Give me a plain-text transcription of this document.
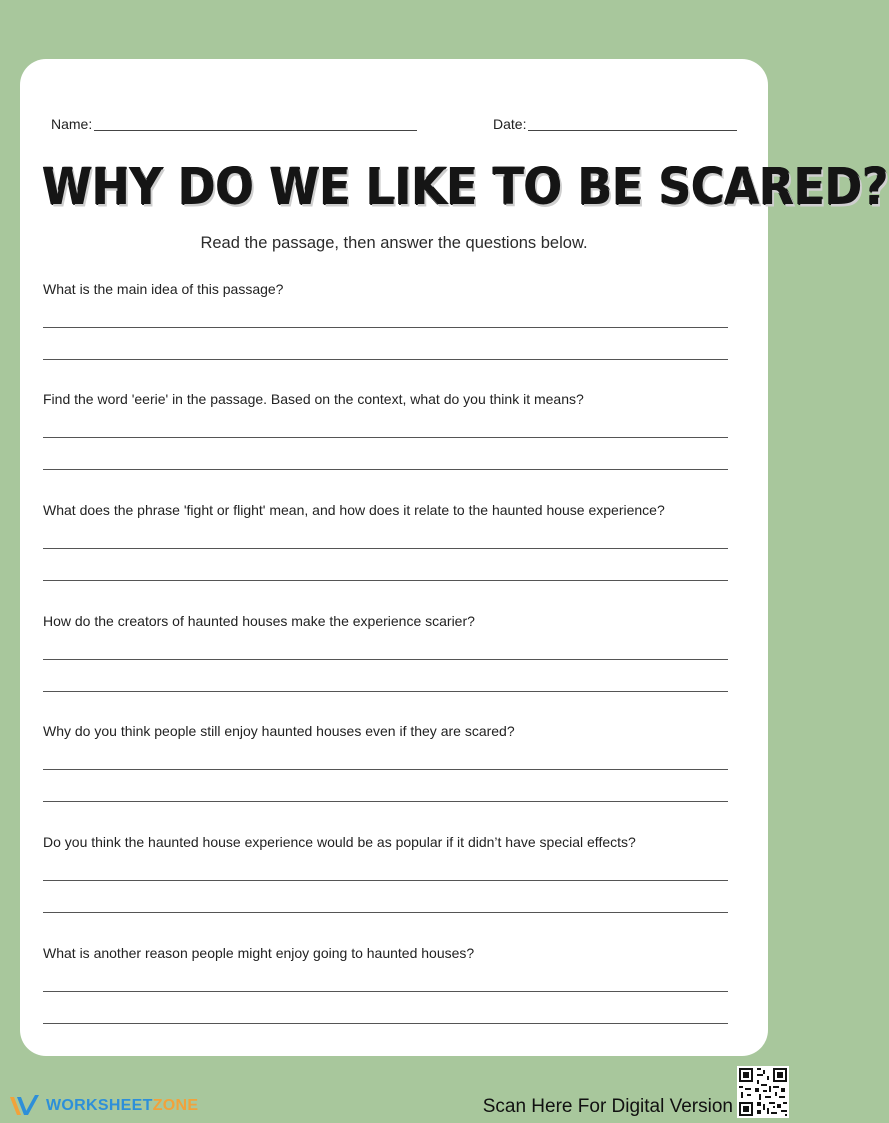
Name:	Date:
WHY DO WE LIKE TO BE SCARED?
Read the passage, then answer the questions below.
What is the main idea of this passage?
Find the word 'eerie' in the passage. Based on the context, what do you think it means?
What does the phrase 'fight or flight' mean, and how does it relate to the haunted house experience?
How do the creators of haunted houses make the experience scarier?
Why do you think people still enjoy haunted houses even if they are scared?
Do you think the haunted house experience would be as popular if it didn’t have special effects?
What is another reason people might enjoy going to haunted houses?
WORKSHEET ZONE	Scan Here For Digital Version
